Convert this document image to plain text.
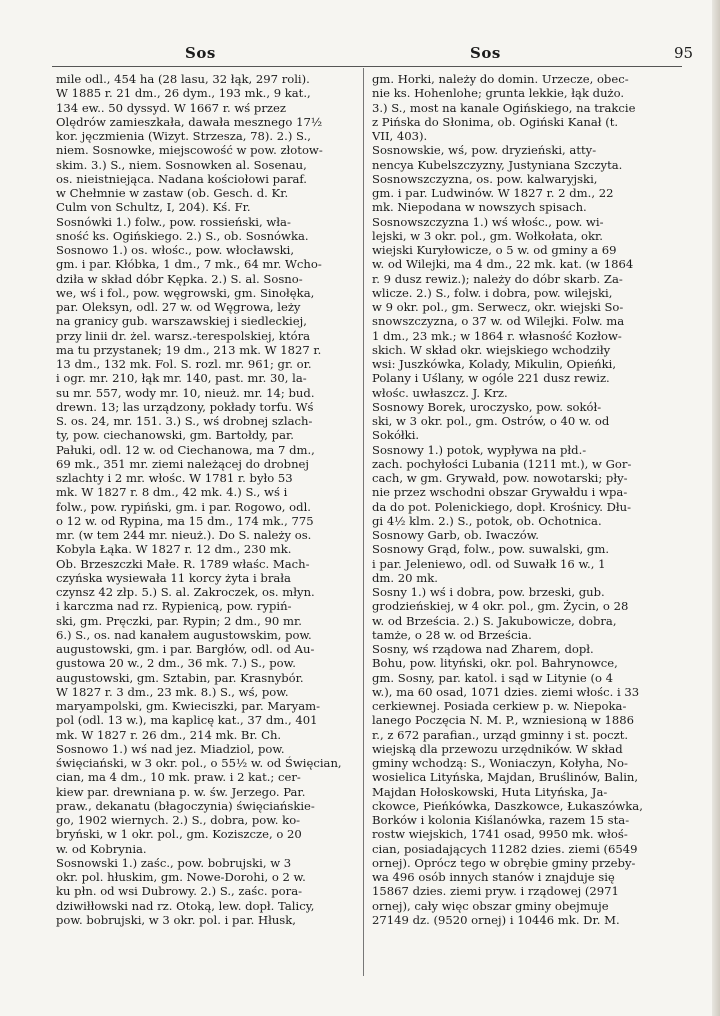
Sos	Sos	95
mile odl., 454 ha (28 lasu, 32 łąk, 297 roli).
W 1885 r. 21 dm., 26 dym., 193 mk., 9 kat.,
134 ew.. 50 dyssyd. W 1667 r. wś przez
Olędrów zamieszkała, dawała mesznego 17½
kor. jęczmienia (Wizyt. Strzesza, 78). 2.) S.,
niem. Sosnowke, miejscowość w pow. złotow-
skim. 3.) S., niem. Sosnowken al. Sosenau,
os. nieistniejąca. Nadana kościołowi paraf.
w Chełmnie w zastaw (ob. Gesch. d. Kr.
Culm von Schultz, I, 204). Kś. Fr.
Sosnówki 1.) folw., pow. rossieński, wła-
sność ks. Ogińskiego. 2.) S., ob. Sosnówka.
Sosnowo 1.) os. włośc., pow. włocławski,
gm. i par. Kłóbka, 1 dm., 7 mk., 64 mr. Wcho-
dziła w skład dóbr Kępka. 2.) S. al. Sosno-
we, wś i fol., pow. węgrowski, gm. Sinołęka,
par. Oleksyn, odl. 27 w. od Węgrowa, leży
na granicy gub. warszawskiej i siedleckiej,
przy linii dr. żel. warsz.-terespolskiej, która
ma tu przystanek; 19 dm., 213 mk. W 1827 r.
13 dm., 132 mk. Fol. S. rozl. mr. 961; gr. or.
i ogr. mr. 210, łąk mr. 140, past. mr. 30, la-
su mr. 557, wody mr. 10, nieuż. mr. 14; bud.
drewn. 13; las urządzony, pokłady torfu. Wś
S. os. 24, mr. 151. 3.) S., wś drobnej szlach-
ty, pow. ciechanowski, gm. Bartołdy, par.
Pałuki, odl. 12 w. od Ciechanowa, ma 7 dm.,
69 mk., 351 mr. ziemi należącej do drobnej
szlachty i 2 mr. włośc. W 1781 r. było 53
mk. W 1827 r. 8 dm., 42 mk. 4.) S., wś i
folw., pow. rypiński, gm. i par. Rogowo, odl.
o 12 w. od Rypina, ma 15 dm., 174 mk., 775
mr. (w tem 244 mr. nieuż.). Do S. należy os.
Kobyla Łąka. W 1827 r. 12 dm., 230 mk.
Ob. Brzeszczki Małe. R. 1789 właśc. Mach-
czyńska wysiewała 11 korcy żyta i brała
czynsz 42 złp. 5.) S. al. Zakroczek, os. młyn.
i karczma nad rz. Rypienicą, pow. rypiń-
ski, gm. Pręczki, par. Rypin; 2 dm., 90 mr.
6.) S., os. nad kanałem augustowskim, pow.
augustowski, gm. i par. Bargłów, odl. od Au-
gustowa 20 w., 2 dm., 36 mk. 7.) S., pow.
augustowski, gm. Sztabin, par. Krasnybór.
W 1827 r. 3 dm., 23 mk. 8.) S., wś, pow.
maryampolski, gm. Kwieciszki, par. Maryam-
pol (odl. 13 w.), ma kaplicę kat., 37 dm., 401
mk. W 1827 r. 26 dm., 214 mk. Br. Ch.
Sosnowo 1.) wś nad jez. Miadziol, pow.
święciański, w 3 okr. pol., o 55½ w. od Święcian,
cian, ma 4 dm., 10 mk. praw. i 2 kat.; cer-
kiew par. drewniana p. w. św. Jerzego. Par.
praw., dekanatu (błagoczynia) święciańskie-
go, 1902 wiernych. 2.) S., dobra, pow. ko-
bryński, w 1 okr. pol., gm. Koziszcze, o 20
w. od Kobrynia.
Sosnowski 1.) zaśc., pow. bobrujski, w 3
okr. pol. hłuskim, gm. Nowe-Dorohi, o 2 w.
ku płn. od wsi Dubrowy. 2.) S., zaśc. pora-
dziwiłłowski nad rz. Otoką, lew. dopł. Talicy,
pow. bobrujski, w 3 okr. pol. i par. Hłusk,
gm. Horki, należy do domin. Urzecze, obec-
nie ks. Hohenlohe; grunta lekkie, łąk dużo.
3.) S., most na kanale Ogińskiego, na trakcie
z Pińska do Słonima, ob. Ogiński Kanał (t.
VII, 403).
Sosnowskie, wś, pow. dryzieński, atty-
nencya Kubelszczyzny, Justyniana Szczyta.
Sosnowszczyzna, os. pow. kalwaryjski,
gm. i par. Ludwinów. W 1827 r. 2 dm., 22
mk. Niepodana w nowszych spisach.
Sosnowszczyzna 1.) wś włośc., pow. wi-
lejski, w 3 okr. pol., gm. Wołkołata, okr.
wiejski Kuryłowicze, o 5 w. od gminy a 69
w. od Wilejki, ma 4 dm., 22 mk. kat. (w 1864
r. 9 dusz rewiz.); należy do dóbr skarb. Za-
wlicze. 2.) S., folw. i dobra, pow. wilejski,
w 9 okr. pol., gm. Serwecz, okr. wiejski So-
snowszczyzna, o 37 w. od Wilejki. Folw. ma
1 dm., 23 mk.; w 1864 r. własność Kozłow-
skich. W skład okr. wiejskiego wchodziły
wsi: Juszkówka, Kolady, Mikulin, Opieńki,
Polany i Uślany, w ogóle 221 dusz rewiz.
włośc. uwłaszcz. J. Krz.
Sosnowy Borek, uroczysko, pow. sokół-
ski, w 3 okr. pol., gm. Ostrów, o 40 w. od
Sokółki.
Sosnowy 1.) potok, wypływa na płd.-
zach. pochyłości Lubania (1211 mt.), w Gor-
cach, w gm. Grywałd, pow. nowotarski; pły-
nie przez wschodni obszar Grywałdu i wpa-
da do pot. Polenickiego, dopł. Krośnicy. Dłu-
gi 4½ klm. 2.) S., potok, ob. Ochotnica.
Sosnowy Garb, ob. Iwaczów.
Sosnowy Grąd, folw., pow. suwalski, gm.
i par. Jeleniewo, odl. od Suwałk 16 w., 1
dm. 20 mk.
Sosny 1.) wś i dobra, pow. brzeski, gub.
grodzieńskiej, w 4 okr. pol., gm. Życin, o 28
w. od Brześcia. 2.) S. Jakubowicze, dobra,
tamże, o 28 w. od Brześcia.
Sosny, wś rządowa nad Zharem, dopł.
Bohu, pow. lityński, okr. pol. Bahrynowce,
gm. Sosny, par. katol. i sąd w Litynie (o 4
w.), ma 60 osad, 1071 dzies. ziemi włośc. i 33
cerkiewnej. Posiada cerkiew p. w. Niepoka-
lanego Poczęcia N. M. P., wzniesioną w 1886
r., z 672 parafian., urząd gminny i st. poczt.
wiejską dla przewozu urzędników. W skład
gminy wchodzą: S., Woniaczyn, Kołyha, No-
wosielica Lityńska, Majdan, Bruślinów, Balin,
Majdan Hołoskowski, Huta Lityńska, Ja-
ckowce, Pieńkówka, Daszkowce, Łukaszówka,
Borków i kolonia Kiślanówka, razem 15 sta-
rostw wiejskich, 1741 osad, 9950 mk. włoś-
cian, posiadających 11282 dzies. ziemi (6549
ornej). Oprócz tego w obrębie gminy przeby-
wa 496 osób innych stanów i znajduje się
15867 dzies. ziemi pryw. i rządowej (2971
ornej), cały więc obszar gminy obejmuje
27149 dz. (9520 ornej) i 10446 mk. Dr. M.
